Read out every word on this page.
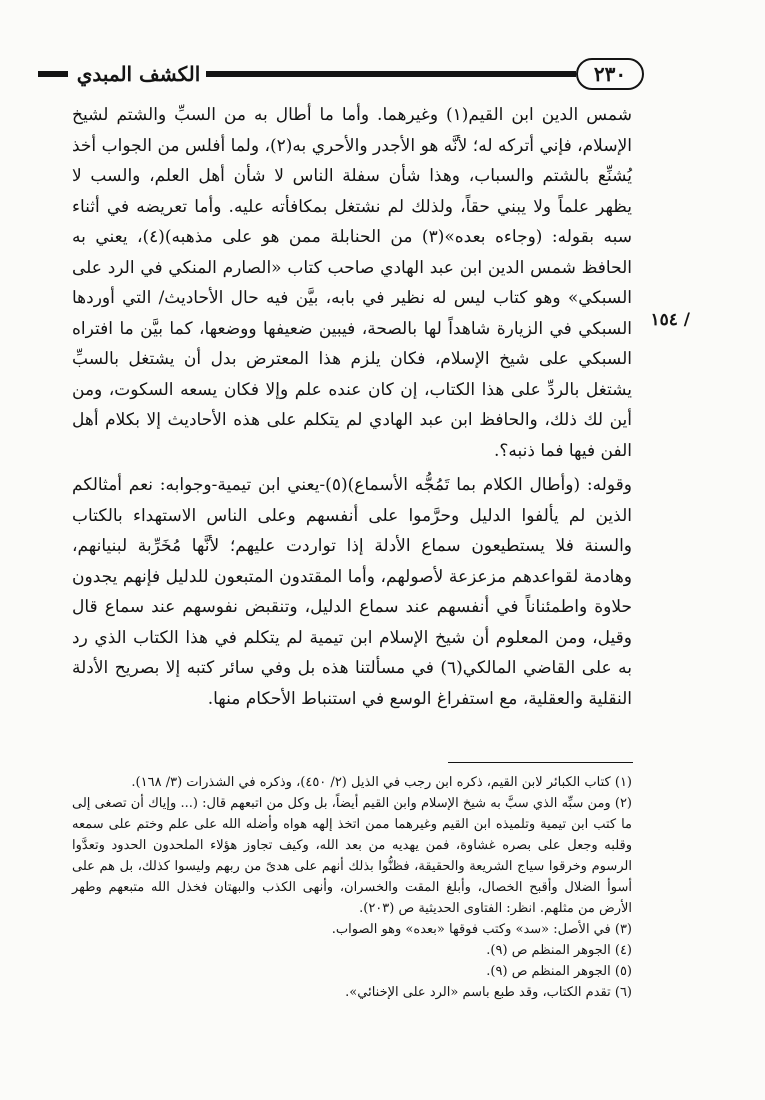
الكشف المبدي	٢٣٠
/ ١٥٤

شمس الدين ابن القيم(١) وغيرهما. وأما ما أطال به من السبِّ والشتم لشيخ الإسلام، فإني أتركه له؛ لأنَّه هو الأجدر والأحري به(٢)، ولما أفلس من الجواب أخذ يُشنِّع بالشتم والسباب، وهذا شأن سفلة الناس لا شأن أهل العلم، والسب لا يظهر علماً ولا يبني حقاً، ولذلك لم نشتغل بمكافأته عليه. وأما تعريضه في أثناء سبه بقوله: (وجاءه بعده»(٣) من الحنابلة ممن هو على مذهبه)(٤)، يعني به الحافظ شمس الدين ابن عبد الهادي صاحب كتاب «الصارم المنكي في الرد على السبكي» وهو كتاب ليس له نظير في بابه، بيَّن فيه حال الأحاديث/ التي أوردها السبكي في الزيارة شاهداً لها بالصحة، فيبين ضعيفها ووضعها، كما بيَّن ما افتراه السبكي على شيخ الإسلام، فكان يلزم هذا المعترض بدل أن يشتغل بالسبِّ يشتغل بالردِّ على هذا الكتاب، إن كان عنده علم وإلا فكان يسعه السكوت، ومن أين لك ذلك، والحافظ ابن عبد الهادي لم يتكلم على هذه الأحاديث إلا بكلام أهل الفن فيها فما ذنبه؟.

وقوله: (وأطال الكلام بما تَمُجُّه الأسماع)(٥)-يعني ابن تيمية-وجوابه: نعم أمثالكم الذين لم يألفوا الدليل وحرَّموا على أنفسهم وعلى الناس الاستهداء بالكتاب والسنة فلا يستطيعون سماع الأدلة إذا تواردت عليهم؛ لأنَّها مُخَرِّبة لبنيانهم، وهادمة لقواعدهم مزعزعة لأصولهم، وأما المقتدون المتبعون للدليل فإنهم يجدون حلاوة واطمئناناً في أنفسهم عند سماع الدليل، وتنقبض نفوسهم عند سماع قال وقيل، ومن المعلوم أن شيخ الإسلام ابن تيمية لم يتكلم في هذا الكتاب الذي رد به على القاضي المالكي(٦) في مسألتنا هذه بل وفي سائر كتبه إلا بصريح الأدلة النقلية والعقلية، مع استفراغ الوسع في استنباط الأحكام منها.

(١) كتاب الكبائر لابن القيم، ذكره ابن رجب في الذيل (٢/ ٤٥٠)، وذكره في الشذرات (٣/ ١٦٨).

(٢) ومن سبِّه الذي سبَّ به شيخ الإسلام وابن القيم أيضاً، بل وكل من اتبعهم قال: (... وإياك أن تصغى إلى ما كتب ابن تيمية وتلميذه ابن القيم وغيرهما ممن اتخذ إلهه هواه وأضله الله على علم وختم على سمعه وقلبه وجعل على بصره غشاوة، فمن يهديه من بعد الله، وكيف تجاوز هؤلاء الملحدون الحدود وتعدَّوا الرسوم وخرقوا سياج الشريعة والحقيقة، فظنُّوا بذلك أنهم على هدىً من ربهم وليسوا كذلك، بل هم على أسوأ الضلال وأقبح الخصال، وأبلغ المقت والخسران، وأنهى الكذب والبهتان فخذل الله متبعهم وطهر الأرض من مثلهم. انظر: الفتاوى الحديثية ص (٢٠٣).

(٣) في الأصل: «سد» وكتب فوقها «بعده» وهو الصواب.

(٤) الجوهر المنظم ص (٩).

(٥) الجوهر المنظم ص (٩).

(٦) تقدم الكتاب، وقد طبع باسم «الرد على الإخنائي».
